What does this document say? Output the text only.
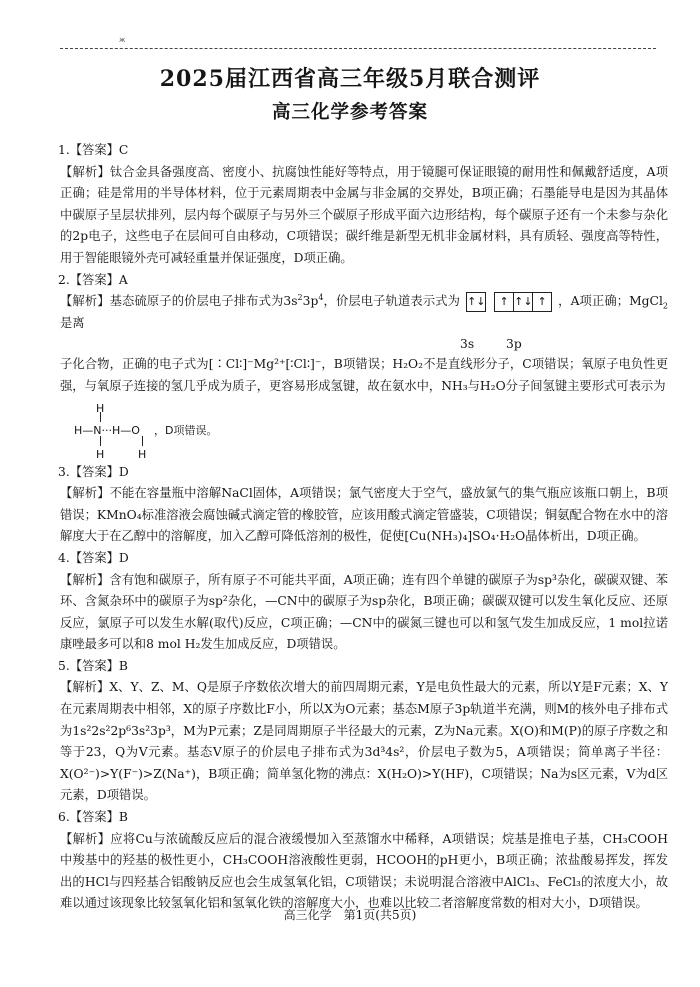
ж
2025届江西省高三年级5月联合测评
高三化学参考答案

1.【答案】C

【解析】钛合金具备强度高、密度小、抗腐蚀性能好等特点，用于镜腿可保证眼镜的耐用性和佩戴舒适度，A项正确；硅是常用的半导体材料，位于元素周期表中金属与非金属的交界处，B项正确；石墨能导电是因为其晶体中碳原子呈层状排列，层内每个碳原子与另外三个碳原子形成平面六边形结构，每个碳原子还有一个未参与杂化的2p电子，这些电子在层间可自由移动，C项错误；碳纤维是新型无机非金属材料，具有质轻、强度高等特性，用于智能眼镜外壳可减轻重量并保证强度，D项正确。

2.【答案】A

【解析】基态硫原子的价层电子排布式为$3s^23p^4$，价层电子轨道表示式为 ↑↓
	↑ ↑↓ ↑ ，A项正确；MgCl$_2$是离
3s	3p
子化合物，正确的电子式为[∶Cl∶]⁻Mg²⁺[∶Cl∶]⁻，B项错误；H₂O₂不是直线形分子，C项错误；氧原子电负性更强，与氧原子连接的氢几乎成为质子，更容易形成氢键，故在氨水中，NH₃与H₂O分子间氢键主要形式可表示为
H
H—N···H—O ，D项错误。
H	H

3.【答案】D

【解析】不能在容量瓶中溶解NaCl固体，A项错误；氯气密度大于空气，盛放氯气的集气瓶应该瓶口朝上，B项错误；KMnO₄标准溶液会腐蚀碱式滴定管的橡胶管，应该用酸式滴定管盛装，C项错误；铜氨配合物在水中的溶解度大于在乙醇中的溶解度，加入乙醇可降低溶剂的极性，促使[Cu(NH₃)₄]SO₄·H₂O晶体析出，D项正确。

4.【答案】D

【解析】含有饱和碳原子，所有原子不可能共平面，A项正确；连有四个单键的碳原子为sp³杂化，碳碳双键、苯环、含氮杂环中的碳原子为sp²杂化，—CN中的碳原子为sp杂化，B项正确；碳碳双键可以发生氧化反应、还原反应，氯原子可以发生水解(取代)反应，C项正确；—CN中的碳氮三键也可以和氢气发生加成反应，1 mol拉诺康唑最多可以和8 mol H₂发生加成反应，D项错误。

5.【答案】B

【解析】X、Y、Z、M、Q是原子序数依次增大的前四周期元素，Y是电负性最大的元素，所以Y是F元素；X、Y在元素周期表中相邻，X的原子序数比F小，所以X为O元素；基态M原子3p轨道半充满，则M的核外电子排布式为1s²2s²2p⁶3s²3p³，M为P元素；Z是同周期原子半径最大的元素，Z为Na元素。X(O)和M(P)的原子序数之和等于23，Q为V元素。基态V原子的价层电子排布式为3d³4s²，价层电子数为5，A项错误；简单离子半径：X(O²⁻)>Y(F⁻)>Z(Na⁺)，B项正确；简单氢化物的沸点：X(H₂O)>Y(HF)，C项错误；Na为s区元素，V为d区元素，D项错误。

6.【答案】B

【解析】应将Cu与浓硫酸反应后的混合液缓慢加入至蒸馏水中稀释，A项错误；烷基是推电子基，CH₃COOH中羧基中的羟基的极性更小，CH₃COOH溶液酸性更弱，HCOOH的pH更小，B项正确；浓盐酸易挥发，挥发出的HCl与四羟基合铝酸钠反应也会生成氢氧化铝，C项错误；未说明混合溶液中AlCl₃、FeCl₃的浓度大小，故难以通过该现象比较氢氧化铝和氢氧化铁的溶解度大小，也难以比较二者溶解度常数的相对大小，D项错误。

高三化学　第1页(共5页)
